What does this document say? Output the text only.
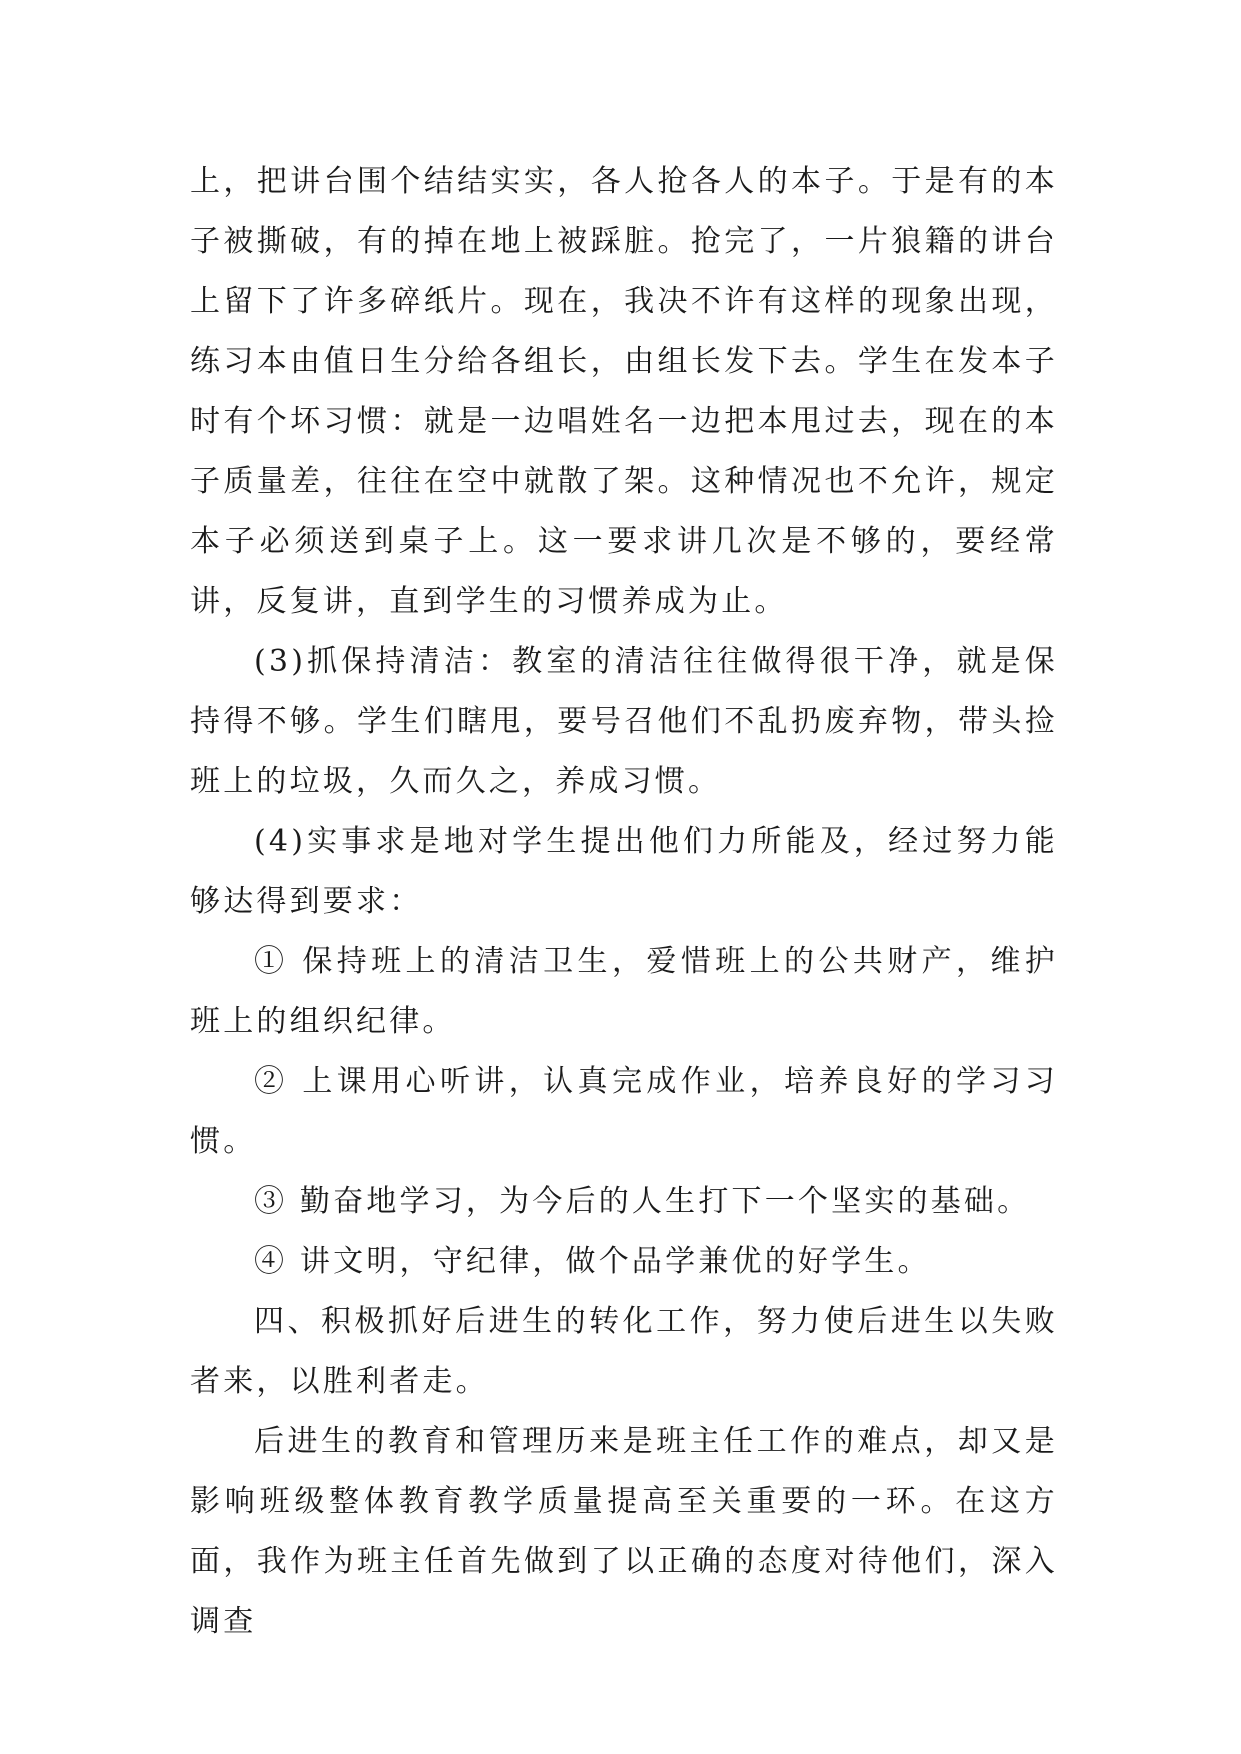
上，把讲台围个结结实实，各人抢各人的本子。于是有的本子被撕破，有的掉在地上被踩脏。抢完了，一片狼籍的讲台上留下了许多碎纸片。现在，我决不许有这样的现象出现，练习本由值日生分给各组长，由组长发下去。学生在发本子时有个坏习惯：就是一边唱姓名一边把本甩过去，现在的本子质量差，往往在空中就散了架。这种情况也不允许，规定本子必须送到桌子上。这一要求讲几次是不够的，要经常讲，反复讲，直到学生的习惯养成为止。

(3)抓保持清洁：教室的清洁往往做得很干净，就是保持得不够。学生们瞎甩，要号召他们不乱扔废弃物，带头捡班上的垃圾，久而久之，养成习惯。

(4)实事求是地对学生提出他们力所能及，经过努力能够达得到要求：

① 保持班上的清洁卫生，爱惜班上的公共财产，维护班上的组织纪律。

② 上课用心听讲，认真完成作业，培养良好的学习习惯。

③ 勤奋地学习，为今后的人生打下一个坚实的基础。

④ 讲文明，守纪律，做个品学兼优的好学生。

四、积极抓好后进生的转化工作，努力使后进生以失败者来，以胜利者走。

后进生的教育和管理历来是班主任工作的难点，却又是影响班级整体教育教学质量提高至关重要的一环。在这方面，我作为班主任首先做到了以正确的态度对待他们，深入调查
